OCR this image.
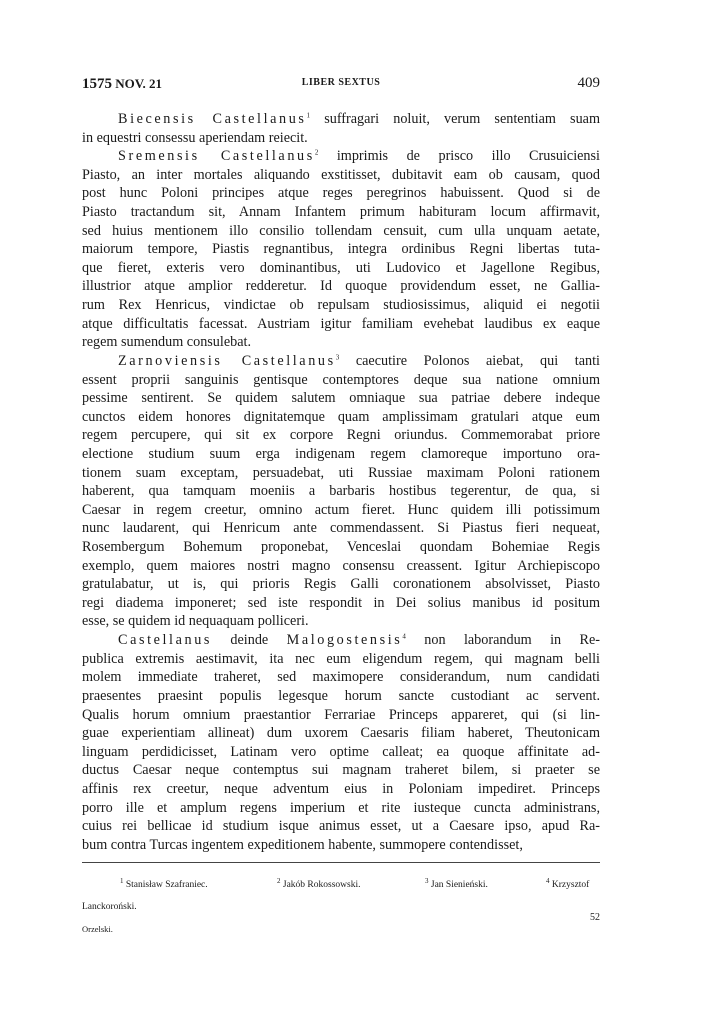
1575 NOV. 21	LIBER SEXTUS	409
Biecensis Castellanus$^1$ suffragari noluit, verum sententiam suam
in equestri consessu aperiendam reiecit.
Sremensis Castellanus$^2$ imprimis de prisco illo Crusuiciensi
Piasto, an inter mortales aliquando exstitisset, dubitavit eam ob causam, quod
post hunc Poloni principes atque reges peregrinos habuissent. Quod si de
Piasto tractandum sit, Annam Infantem primum habituram locum affirmavit,
sed huius mentionem illo consilio tollendam censuit, cum ulla unquam aetate,
maiorum tempore, Piastis regnantibus, integra ordinibus Regni libertas tuta-
que fieret, exteris vero dominantibus, uti Ludovico et Jagellone Regibus,
illustrior atque amplior redderetur. Id quoque providendum esset, ne Gallia-
rum Rex Henricus, vindictae ob repulsam studiosissimus, aliquid ei negotii
atque difficultatis facessat. Austriam igitur familiam evehebat laudibus ex eaque
regem sumendum consulebat.
Zarnoviensis Castellanus$^3$ caecutire Polonos aiebat, qui tanti
essent proprii sanguinis gentisque contemptores deque sua natione omnium
pessime sentirent. Se quidem salutem omniaque sua patriae debere indeque
cunctos eidem honores dignitatemque quam amplissimam gratulari atque eum
regem percupere, qui sit ex corpore Regni oriundus. Commemorabat priore
electione studium suum erga indigenam regem clamoreque importuno ora-
tionem suam exceptam, persuadebat, uti Russiae maximam Poloni rationem
haberent, qua tamquam moeniis a barbaris hostibus tegerentur, de qua, si
Caesar in regem creetur, omnino actum fieret. Hunc quidem illi potissimum
nunc laudarent, qui Henricum ante commendassent. Si Piastus fieri nequeat,
Rosembergum Bohemum proponebat, Venceslai quondam Bohemiae Regis
exemplo, quem maiores nostri magno consensu creassent. Igitur Archiepiscopo
gratulabatur, ut is, qui prioris Regis Galli coronationem absolvisset, Piasto
regi diadema imponeret; sed iste respondit in Dei solius manibus id positum
esse, se quidem id nequaquam polliceri.
Castellanus deinde Malogostensis$^4$ non laborandum in Re-
publica extremis aestimavit, ita nec eum eligendum regem, qui magnam belli
molem immediate traheret, sed maximopere considerandum, num candidati
praesentes praesint populis legesque horum sancte custodiant ac servent.
Qualis horum omnium praestantior Ferrariae Princeps appareret, qui (si lin-
guae experientiam allineat) dum uxorem Caesaris filiam haberet, Theutonicam
linguam perdidicisset, Latinam vero optime calleat; ea quoque affinitate ad-
ductus Caesar neque contemptus sui magnam traheret bilem, si praeter se
affinis rex creetur, neque adventum eius in Poloniam impediret. Princeps
porro ille et amplum regens imperium et rite iusteque cuncta administrans,
cuius rei bellicae id studium isque animus esset, ut a Caesare ipso, apud Ra-
bum contra Turcas ingentem expeditionem habente, summopere contendisset,
$^1$ Stanisław Szafraniec.	$^2$ Jakób Rokossowski.	$^3$ Jan Sienieński.	$^4$ Krzysztof
Lanckoroński.
Orzelski.
52
